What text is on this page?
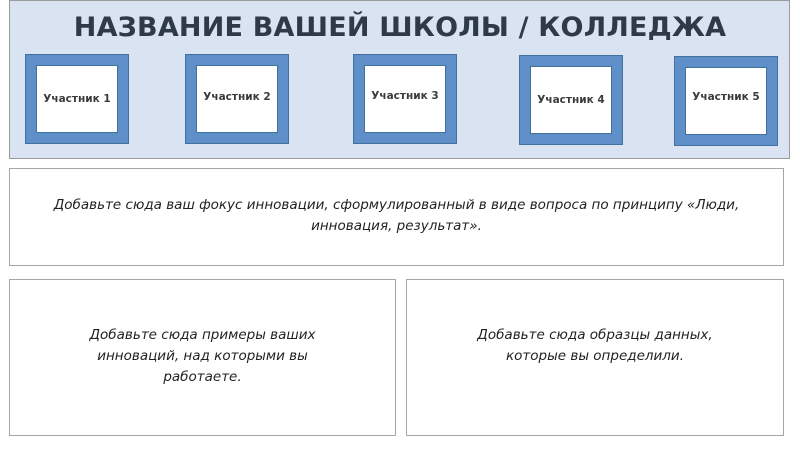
НАЗВАНИЕ ВАШЕЙ ШКОЛЫ / КОЛЛЕДЖА
Участник 1	Участник 2	Участник 3	Участник 4	Участник 5
Добавьте сюда ваш фокус инновации, сформулированный в виде вопроса по принципу «Люди, инновация, результат».
Добавьте сюда примеры ваших инноваций, над которыми вы работаете.
Добавьте сюда образцы данных, которые вы определили.
